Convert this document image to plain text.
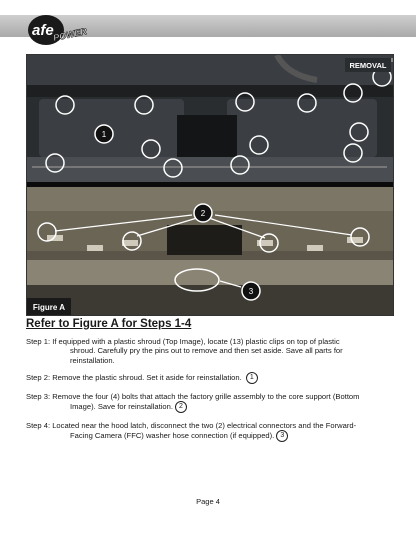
afe
POWER
1
REMOVAL
2
3
Figure A
Refer to Figure A for Steps 1-4
Step 1: If equipped with a plastic shroud (Top Image), locate (13) plastic clips on top of plastic
shroud. Carefully pry the pins out to remove and then set aside. Save all parts for reinstallation.
Step 2: Remove the plastic shroud. Set it aside for reinstallation. 1
Step 3: Remove the four (4) bolts that attach the factory grille assembly to the core support (Bottom
Image). Save for reinstallation. 2
Step 4: Located near the hood latch, disconnect the two (2) electrical connectors and the Forward-
Facing Camera (FFC) washer hose connection (if equipped). 3
Page 4
